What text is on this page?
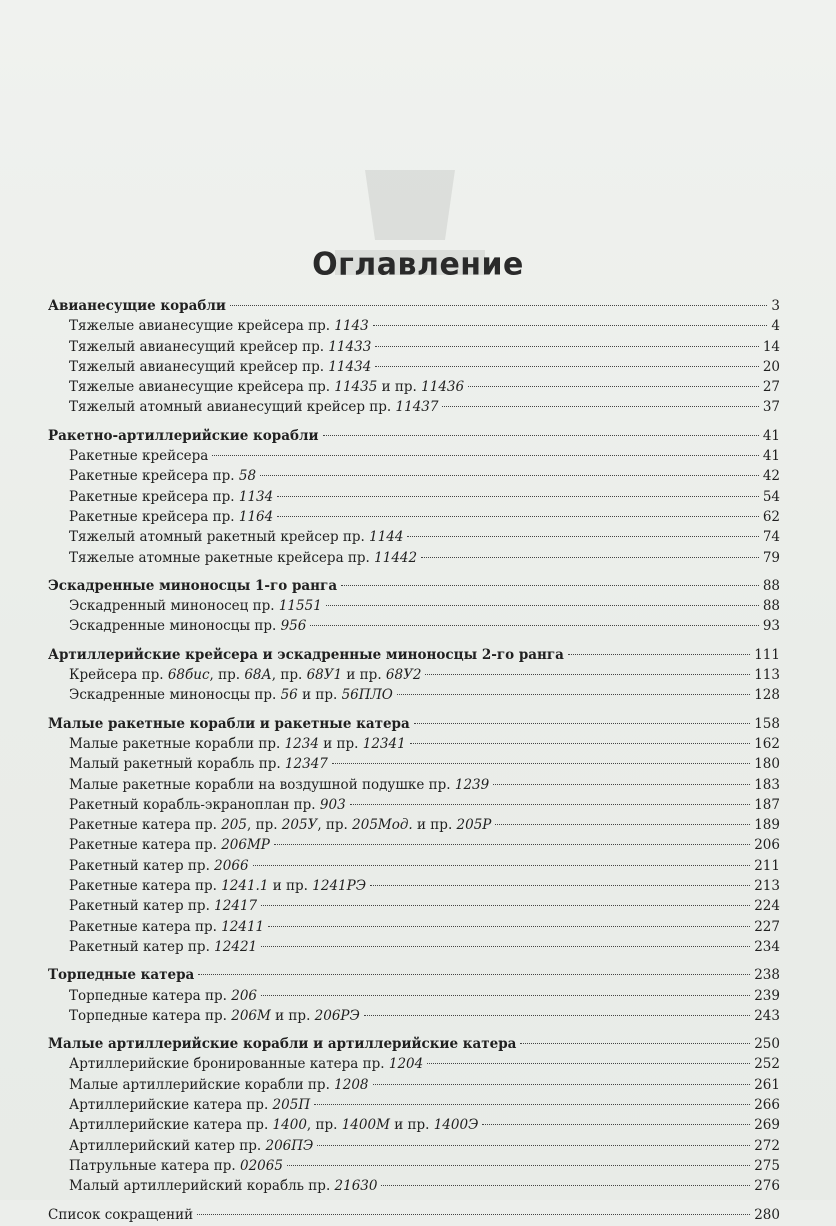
Оглавление
Авианесущие корабли	3
Тяжелые авианесущие крейсера пр. 1143	4
Тяжелый авианесущий крейсер пр. 11433	14
Тяжелый авианесущий крейсер пр. 11434	20
Тяжелые авианесущие крейсера пр. 11435 и пр. 11436	27
Тяжелый атомный авианесущий крейсер пр. 11437	37
Ракетно-артиллерийские корабли	41
Ракетные крейсера	41
Ракетные крейсера пр. 58	42
Ракетные крейсера пр. 1134	54
Ракетные крейсера пр. 1164	62
Тяжелый атомный ракетный крейсер пр. 1144	74
Тяжелые атомные ракетные крейсера пр. 11442	79
Эскадренные миноносцы 1-го ранга	88
Эскадренный миноносец пр. 11551	88
Эскадренные миноносцы пр. 956	93
Артиллерийские крейсера и эскадренные миноносцы 2-го ранга	111
Крейсера пр. 68бис, пр. 68А, пр. 68У1 и пр. 68У2	113
Эскадренные миноносцы пр. 56 и пр. 56ПЛО	128
Малые ракетные корабли и ракетные катера	158
Малые ракетные корабли пр. 1234 и пр. 12341	162
Малый ракетный корабль пр. 12347	180
Малые ракетные корабли на воздушной подушке пр. 1239	183
Ракетный корабль-экраноплан пр. 903	187
Ракетные катера пр. 205, пр. 205У, пр. 205Мод. и пр. 205Р	189
Ракетные катера пр. 206МР	206
Ракетный катер пр. 2066	211
Ракетные катера пр. 1241.1 и пр. 1241РЭ	213
Ракетный катер пр. 12417	224
Ракетные катера пр. 12411	227
Ракетный катер пр. 12421	234
Торпедные катера	238
Торпедные катера пр. 206	239
Торпедные катера пр. 206М и пр. 206РЭ	243
Малые артиллерийские корабли и артиллерийские катера	250
Артиллерийские бронированные катера пр. 1204	252
Малые артиллерийские корабли пр. 1208	261
Артиллерийские катера пр. 205П	266
Артиллерийские катера пр. 1400, пр. 1400М и пр. 1400Э	269
Артиллерийский катер пр. 206ПЭ	272
Патрульные катера пр. 02065	275
Малый артиллерийский корабль пр. 21630	276
Список сокращений	280
